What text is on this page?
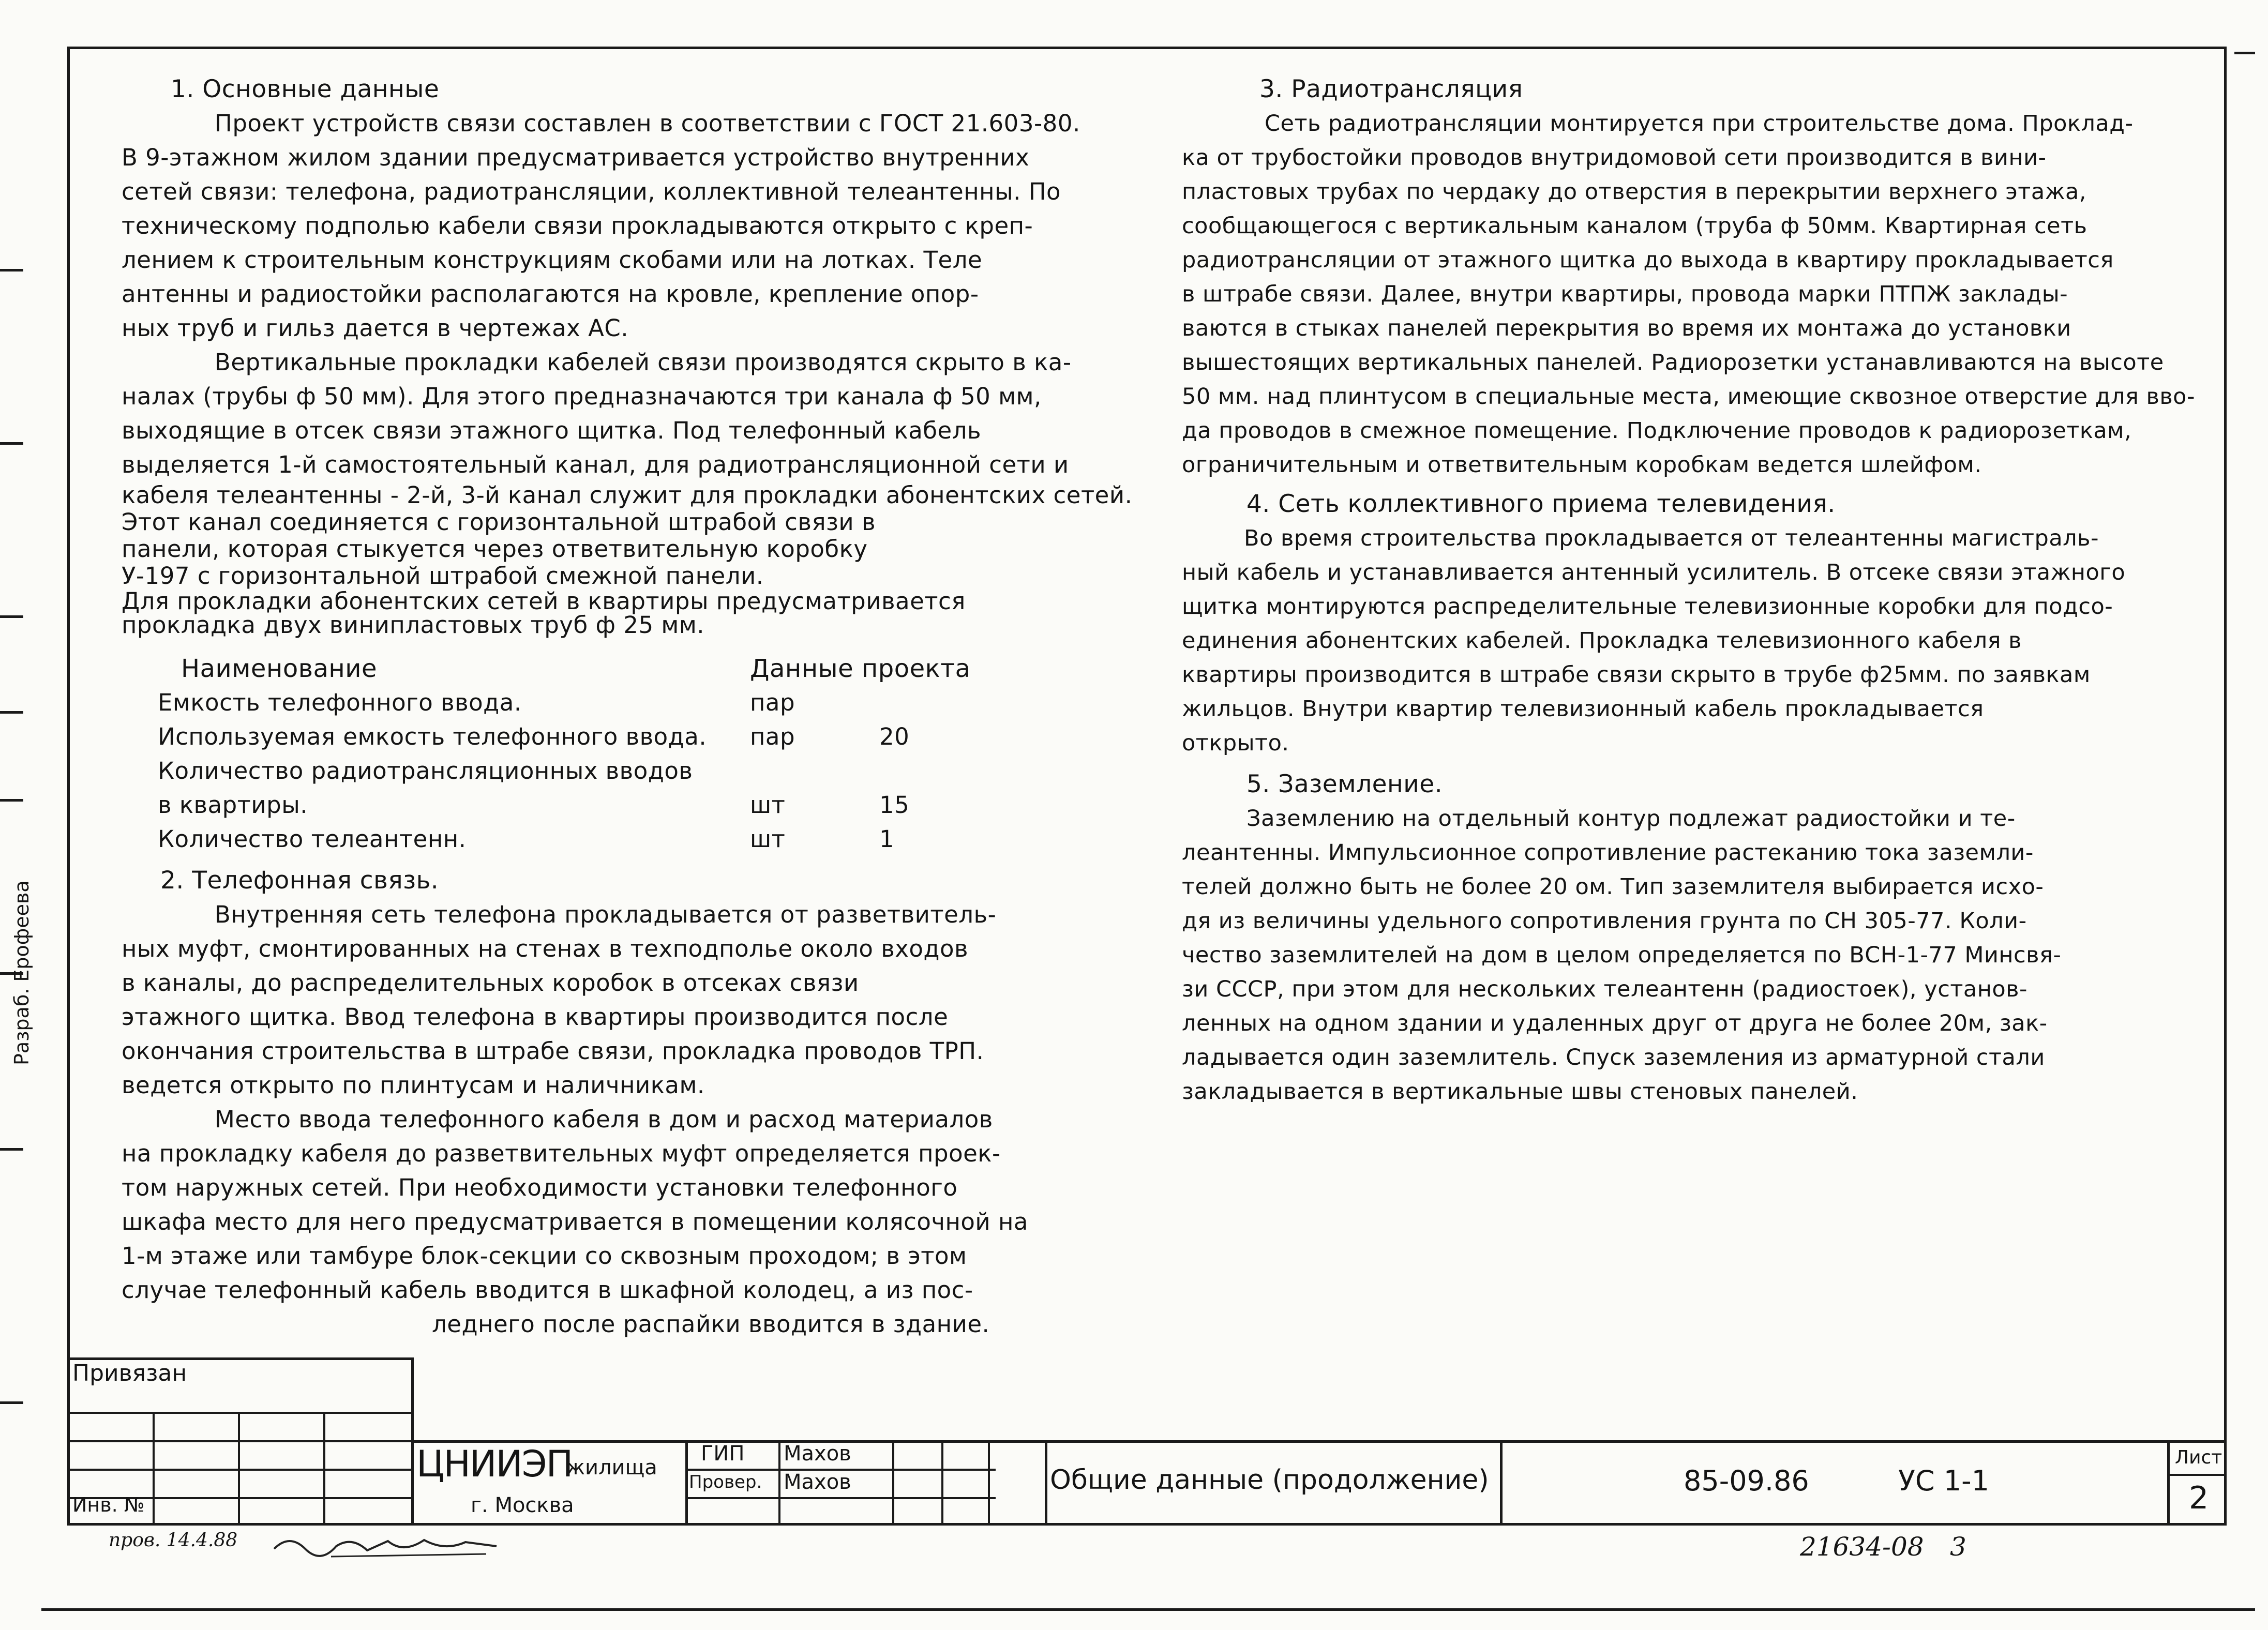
Разраб. Ерофеева

1. Основные данные

Проект устройств связи составлен в соответствии с ГОСТ 21.603-80.

В 9-этажном жилом здании предусматривается устройство внутренних

сетей связи: телефона, радиотрансляции, коллективной телеантенны. По

техническому подполью кабели связи прокладываются открыто с креп-

лением к строительным конструкциям скобами или на лотках. Теле

антенны и радиостойки располагаются на кровле, крепление опор-

ных труб и гильз дается в чертежах АС.

Вертикальные прокладки кабелей связи производятся скрыто в ка-

налах (трубы ф 50 мм). Для этого предназначаются три канала ф 50 мм,

выходящие в отсек связи этажного щитка. Под телефонный кабель

выделяется 1-й самостоятельный канал, для радиотрансляционной сети и

кабеля телеантенны - 2-й, 3-й канал служит для прокладки абонентских сетей.

Этот канал соединяется с горизонтальной штрабой связи в

панели, которая стыкуется через ответвительную коробку

У-197 с горизонтальной штрабой смежной панели.

Для прокладки абонентских сетей в квартиры предусматривается

прокладка двух винипластовых труб ф 25 мм.

Наименование	Данные проекта	
Емкость телефонного ввода.	пар	
Используемая емкость телефонного ввода.	пар	20
Количество радиотрансляционных вводов		
в квартиры.	шт	15
Количество телеантенн.	шт	1

2. Телефонная связь.

Внутренняя сеть телефона прокладывается от разветвитель-

ных муфт, смонтированных на стенах в техподполье около входов

в каналы, до распределительных коробок в отсеках связи

этажного щитка. Ввод телефона в квартиры производится после

окончания строительства в штрабе связи, прокладка проводов ТРП.

ведется открыто по плинтусам и наличникам.

Место ввода телефонного кабеля в дом и расход материалов

на прокладку кабеля до разветвительных муфт определяется проек-

том наружных сетей. При необходимости установки телефонного

шкафа место для него предусматривается в помещении колясочной на

1-м этаже или тамбуре блок-секции со сквозным проходом; в этом

случае телефонный кабель вводится в шкафной колодец, а из пос-

леднего после распайки вводится в здание.

3. Радиотрансляция

Сеть радиотрансляции монтируется при строительстве дома. Проклад-

ка от трубостойки проводов внутридомовой сети производится в вини-

пластовых трубах по чердаку до отверстия в перекрытии верхнего этажа,

сообщающегося с вертикальным каналом (труба ф 50мм. Квартирная сеть

радиотрансляции от этажного щитка до выхода в квартиру прокладывается

в штрабе связи. Далее, внутри квартиры, провода марки ПТПЖ заклады-

ваются в стыках панелей перекрытия во время их монтажа до установки

вышестоящих вертикальных панелей. Радиорозетки устанавливаются на высоте

50 мм. над плинтусом в специальные места, имеющие сквозное отверстие для вво-

да проводов в смежное помещение. Подключение проводов к радиорозеткам,

ограничительным и ответвительным коробкам ведется шлейфом.

4. Сеть коллективного приема телевидения.

Во время строительства прокладывается от телеантенны магистраль-

ный кабель и устанавливается антенный усилитель. В отсеке связи этажного

щитка монтируются распределительные телевизионные коробки для подсо-

единения абонентских кабелей. Прокладка телевизионного кабеля в

квартиры производится в штрабе связи скрыто в трубе ф25мм. по заявкам

жильцов. Внутри квартир телевизионный кабель прокладывается

открыто.

5. Заземление.

Заземлению на отдельный контур подлежат радиостойки и те-

леантенны. Импульсионное сопротивление растеканию тока заземли-

телей должно быть не более 20 ом. Тип заземлителя выбирается исхо-

дя из величины удельного сопротивления грунта по СН 305-77. Коли-

чество заземлителей на дом в целом определяется по ВСН-1-77 Минсвя-

зи СССР, при этом для нескольких телеантенн (радиостоек), установ-

ленных на одном здании и удаленных друг от друга не более 20м, зак-

ладывается один заземлитель. Спуск заземления из арматурной стали

закладывается в вертикальные швы стеновых панелей.

Привязан
Инв. №
ЦНИИЭП
жилища
г. Москва
ГИП Махов
Провер. Махов	Общие данные (продолжение)	85-09.86	УС 1-1
Лист
2
пров. 14.4.88	21634-08 3
